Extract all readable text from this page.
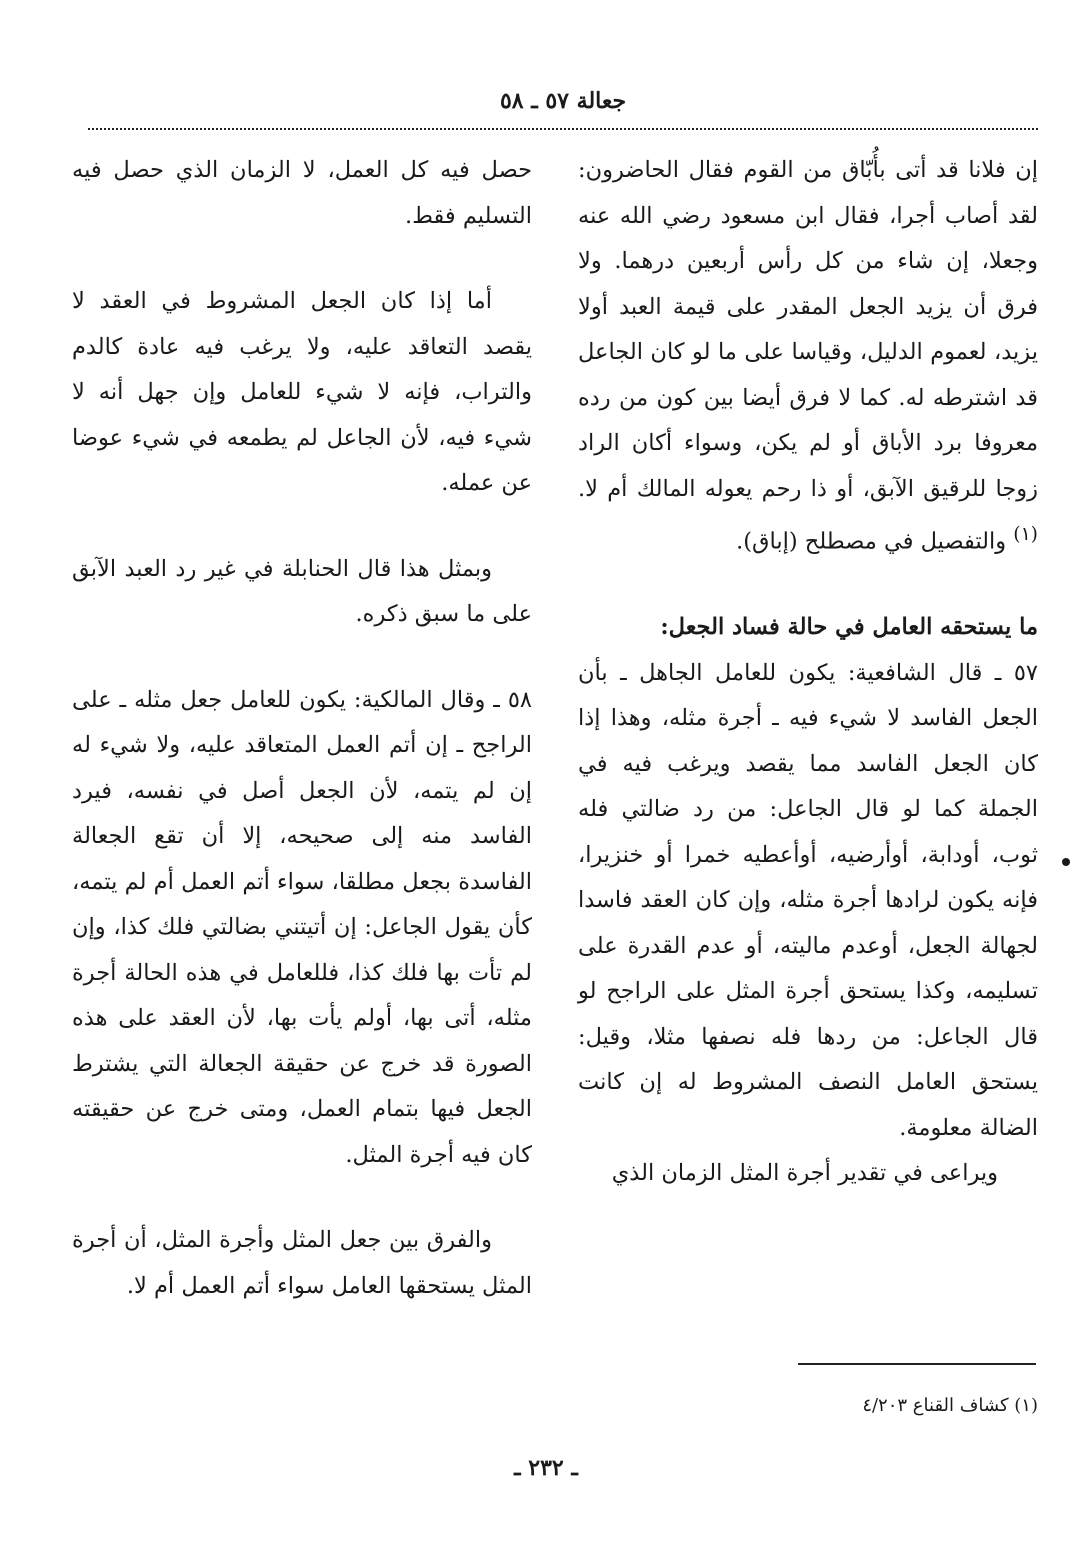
جعالة ٥٧ ـ ٥٨

إن فلانا قد أتى بأُبّاق من القوم فقال الحاضرون: لقد أصاب أجرا، فقال ابن مسعود رضي الله عنه وجعلا، إن شاء من كل رأس أربعين درهما. ولا فرق أن يزيد الجعل المقدر على قيمة العبد أولا يزيد، لعموم الدليل، وقياسا على ما لو كان الجاعل قد اشترطه له. كما لا فرق أيضا بين كون من رده معروفا برد الأباق أو لم يكن، وسواء أكان الراد زوجا للرقيق الآبق، أو ذا رحم يعوله المالك أم لا.$^{(١)}$ والتفصيل في مصطلح (إباق).

ما يستحقه العامل في حالة فساد الجعل:

٥٧ ـ قال الشافعية: يكون للعامل الجاهل ـ بأن الجعل الفاسد لا شيء فيه ـ أجرة مثله، وهذا إذا كان الجعل الفاسد مما يقصد ويرغب فيه في الجملة كما لو قال الجاعل: من رد ضالتي فله ثوب، أودابة، أوأرضيه، أوأعطيه خمرا أو خنزيرا، فإنه يكون لرادها أجرة مثله، وإن كان العقد فاسدا لجهالة الجعل، أوعدم ماليته، أو عدم القدرة على تسليمه، وكذا يستحق أجرة المثل على الراجح لو قال الجاعل: من ردها فله نصفها مثلا، وقيل: يستحق العامل النصف المشروط له إن كانت الضالة معلومة.

ويراعى في تقدير أجرة المثل الزمان الذي

حصل فيه كل العمل، لا الزمان الذي حصل فيه التسليم فقط.

أما إذا كان الجعل المشروط في العقد لا يقصد التعاقد عليه، ولا يرغب فيه عادة كالدم والتراب، فإنه لا شيء للعامل وإن جهل أنه لا شيء فيه، لأن الجاعل لم يطمعه في شيء عوضا عن عمله.

وبمثل هذا قال الحنابلة في غير رد العبد الآبق على ما سبق ذكره.

٥٨ ـ وقال المالكية: يكون للعامل جعل مثله ـ على الراجح ـ إن أتم العمل المتعاقد عليه، ولا شيء له إن لم يتمه، لأن الجعل أصل في نفسه، فيرد الفاسد منه إلى صحيحه، إلا أن تقع الجعالة الفاسدة بجعل مطلقا، سواء أتم العمل أم لم يتمه، كأن يقول الجاعل: إن أتيتني بضالتي فلك كذا، وإن لم تأت بها فلك كذا، فللعامل في هذه الحالة أجرة مثله، أتى بها، أولم يأت بها، لأن العقد على هذه الصورة قد خرج عن حقيقة الجعالة التي يشترط الجعل فيها بتمام العمل، ومتى خرج عن حقيقته كان فيه أجرة المثل.

والفرق بين جعل المثل وأجرة المثل، أن أجرة المثل يستحقها العامل سواء أتم العمل أم لا.

(١) كشاف القناع ٤/٢٠٣
ـ ٢٣٢ ـ
